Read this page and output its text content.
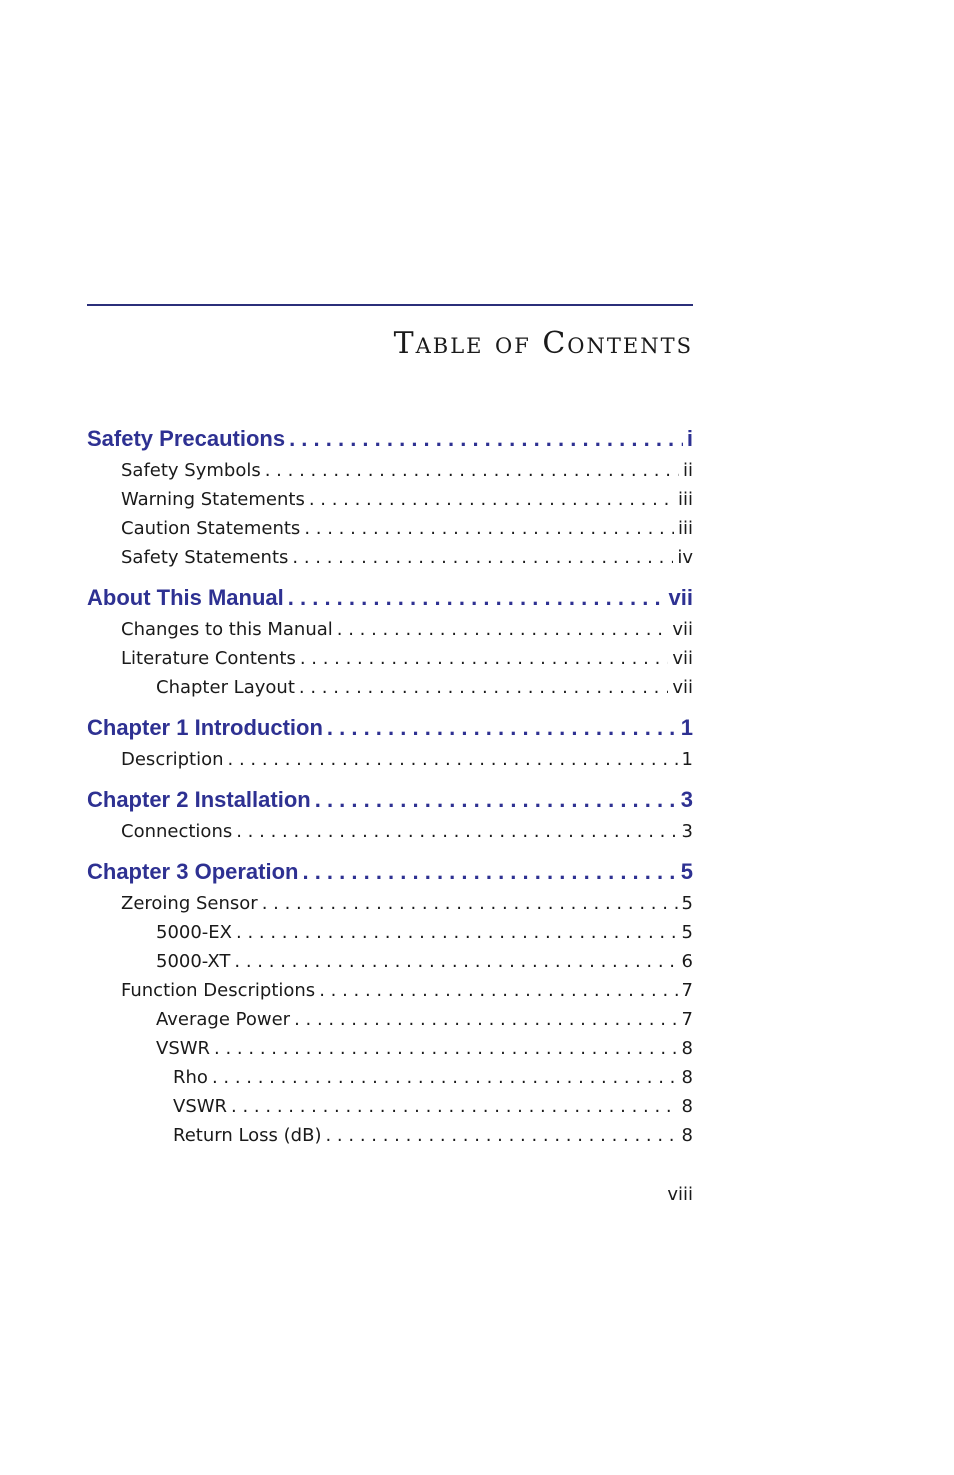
Table of Contents
Safety Precautions . . .	i
Safety Symbols . . .	ii
Warning Statements . . .	iii
Caution Statements . . .	iii
Safety Statements . . .	iv
About This Manual . . .	vii
Changes to this Manual . . .	vii
Literature Contents . . .	vii
Chapter Layout . . .	vii
Chapter 1 Introduction . . .	1
Description . . .	1
Chapter 2 Installation . . .	3
Connections . . .	3
Chapter 3 Operation . . .	5
Zeroing Sensor . . .	5
5000-EX . . .	5
5000-XT . . .	6
Function Descriptions . . .	7
Average Power . . .	7
VSWR . . .	8
Rho . . .	8
VSWR . . .	8
Return Loss (dB) . . .	8
viii
